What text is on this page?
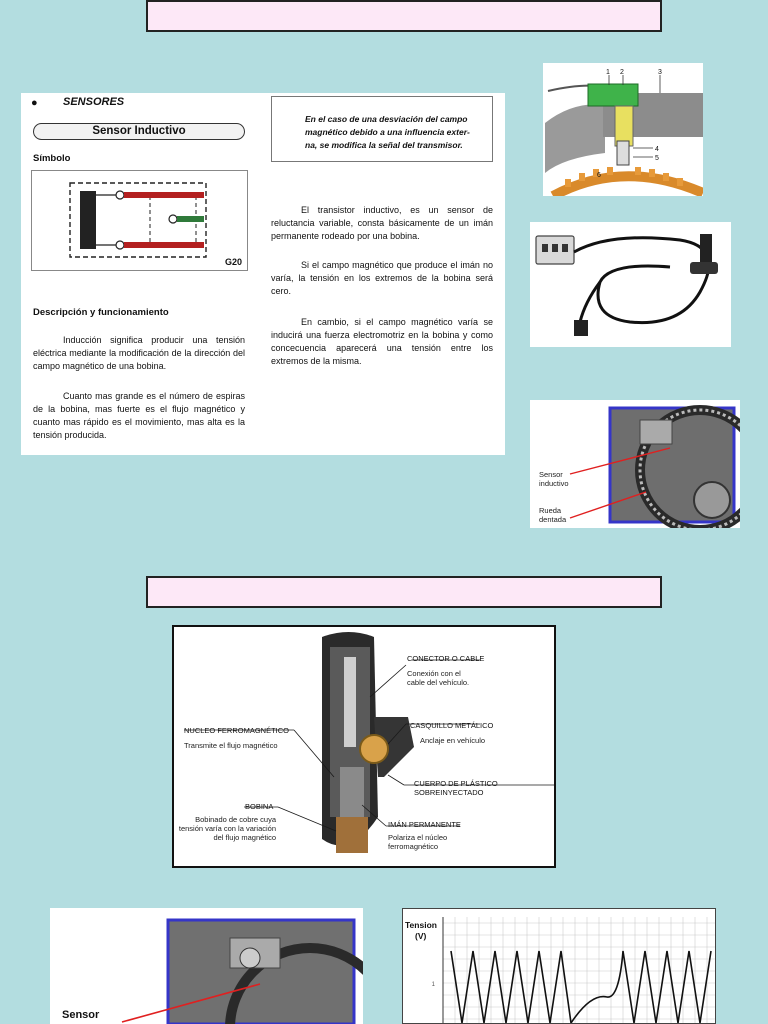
● SENSORES
Sensor Inductivo
Símbolo
G20
Descripción y funcionamiento

Inducción significa producir una tensión eléctrica mediante la modificación de la dirección del campo magnético de una bobina.

Cuanto mas grande es el número de espiras de la bobina, mas fuerte es el flujo magnético y cuanto mas rápido es el movimiento, mas alta es la tensión producida.

En el caso de una desviación del campo magnético debido a una influencia exter-na, se modifica la señal del transmisor.

El transistor inductivo, es un sensor de reluctancia variable, consta básicamente de un imán permanente rodeado por una bobina.

Si el campo magnético que produce el imán no varía, la tensión en los extremos de la bobina será cero.

En cambio, si el campo magnético varía se inducirá una fuerza electromotriz en la bobina y como concecuencia aparecerá una tensión entre los extremos de la misma.

1 2	3
4
5
6
Sensor inductivo
Rueda dentada
CONECTOR O CABLE
Conexión con el cable del vehículo.
NUCLEO FERROMAGNÉTICO
Transmite el flujo magnético
CASQUILLO METÁLICO
Anclaje en vehículo
CUERPO DE PLÁSTICO SOBREINYECTADO
BOBINA
Bobinado de cobre cuya tensión varía con la variación del flujo magnético
IMÁN PERMANENTE
Polariza el núcleo ferromagnético
Sensor
1
Tension
(V)
